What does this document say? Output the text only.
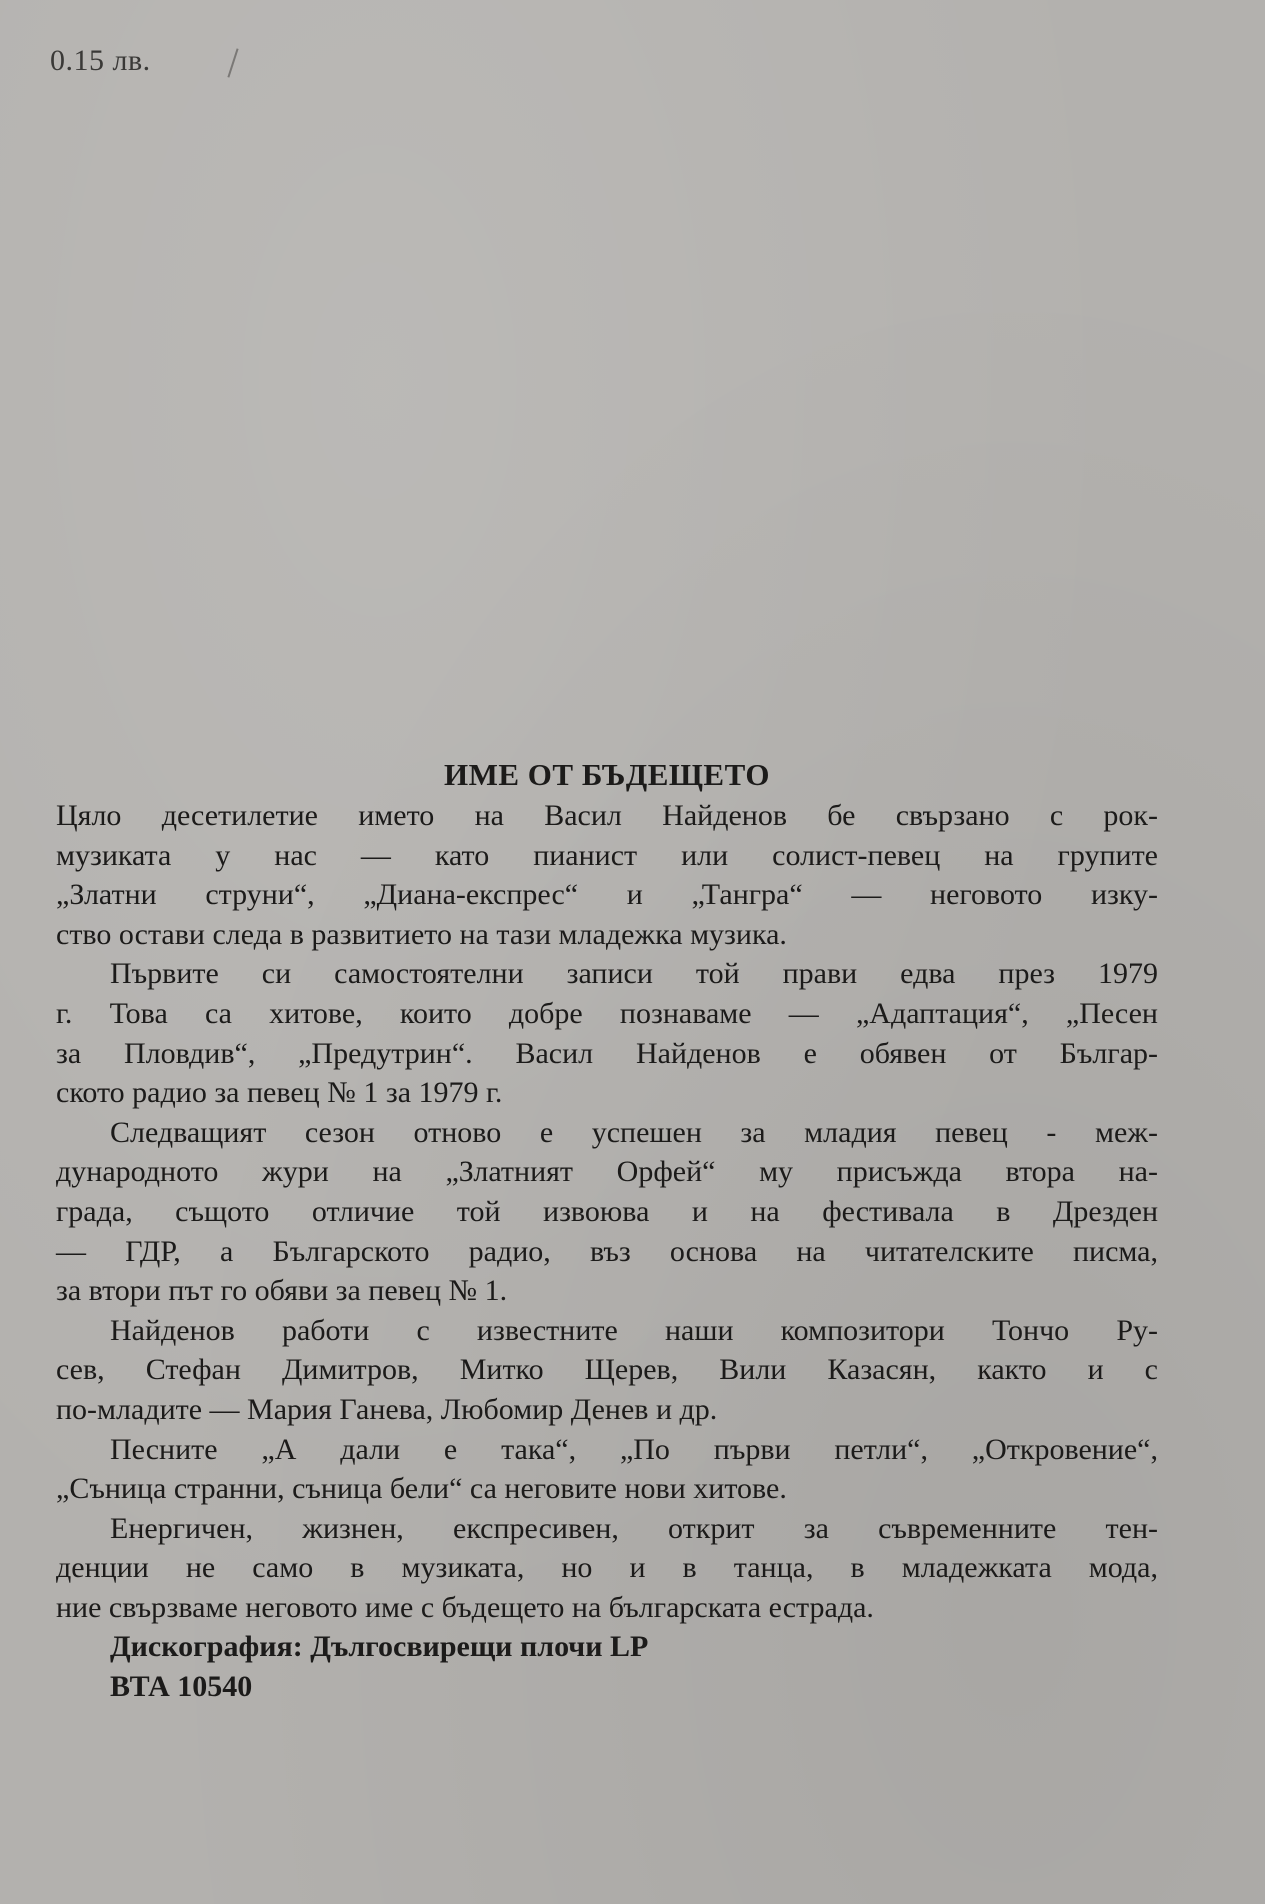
0.15 лв.
ИМЕ ОТ БЪДЕЩЕТО

Цяло десетилетие името на Васил Найденов бе свързано с рок-
музиката у нас — като пианист или солист-певец на групите
„Златни струни“, „Диана-експрес“ и „Тангра“ — неговото изку-
ство остави следа в развитието на тази младежка музика.

Първите си самостоятелни записи той прави едва през 1979
г. Това са хитове, които добре познаваме — „Адаптация“, „Песен
за Пловдив“, „Предутрин“. Васил Найденов е обявен от Българ-
ското радио за певец № 1 за 1979 г.

Следващият сезон отново е успешен за младия певец - меж-
дународното жури на „Златният Орфей“ му присъжда втора на-
града, същото отличие той извоюва и на фестивала в Дрезден
— ГДР, а Българското радио, въз основа на читателските писма,
за втори път го обяви за певец № 1.

Найденов работи с известните наши композитори Тончо Ру-
сев, Стефан Димитров, Митко Щерев, Вили Казасян, както и с
по-младите — Мария Ганева, Любомир Денев и др.

Песните „А дали е така“, „По първи петли“, „Откровение“,
„Съница странни, съница бели“ са неговите нови хитове.

Енергичен, жизнен, експресивен, открит за съвременните тен-
денции не само в музиката, но и в танца, в младежката мода,
ние свързваме неговото име с бъдещето на българската естрада.

Дискография: Дългосвирещи плочи LP
ВТА 10540
